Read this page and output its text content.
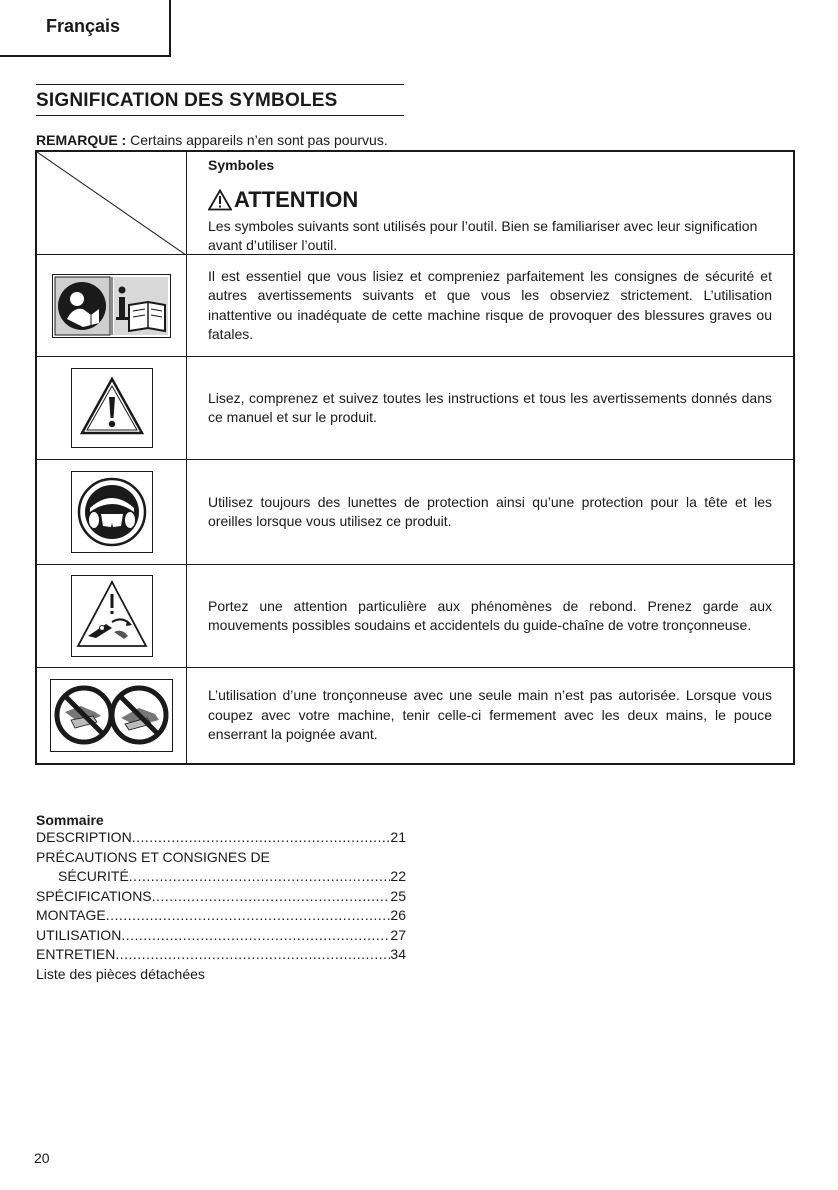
Français
SIGNIFICATION DES SYMBOLES
REMARQUE : Certains appareils n’en sont pas pourvus.
Symboles
ATTENTION
Les symboles suivants sont utilisés pour l’outil. Bien se familiariser avec leur signification avant d’utiliser l’outil.

Il est essentiel que vous lisiez et compreniez parfaitement les consignes de sécurité et autres avertissements suivants et que vous les observiez strictement. L’utilisation inattentive ou inadéquate de cette machine risque de provoquer des blessures graves ou fatales.

Lisez, comprenez et suivez toutes les instructions et tous les avertissements donnés dans ce manuel et sur le produit.

Utilisez toujours des lunettes de protection ainsi qu’une protection pour la tête et les oreilles lorsque vous utilisez ce produit.

Portez une attention particulière aux phénomènes de rebond. Prenez garde aux mouvements possibles soudains et accidentels du guide-chaîne de votre tronçonneuse.

L’utilisation d’une tronçonneuse avec une seule main n’est pas autorisée. Lorsque vous coupez avec votre machine, tenir celle-ci fermement avec les deux mains, le pouce enserrant la poignée avant.

Sommaire
DESCRIPTION .....	21
PRÉCAUTIONS ET CONSIGNES DE
SÉCURITÉ .....	22
SPÉCIFICATIONS .....	25
MONTAGE .....	26
UTILISATION .....	27
ENTRETIEN .....	34
Liste des pièces détachées
20
